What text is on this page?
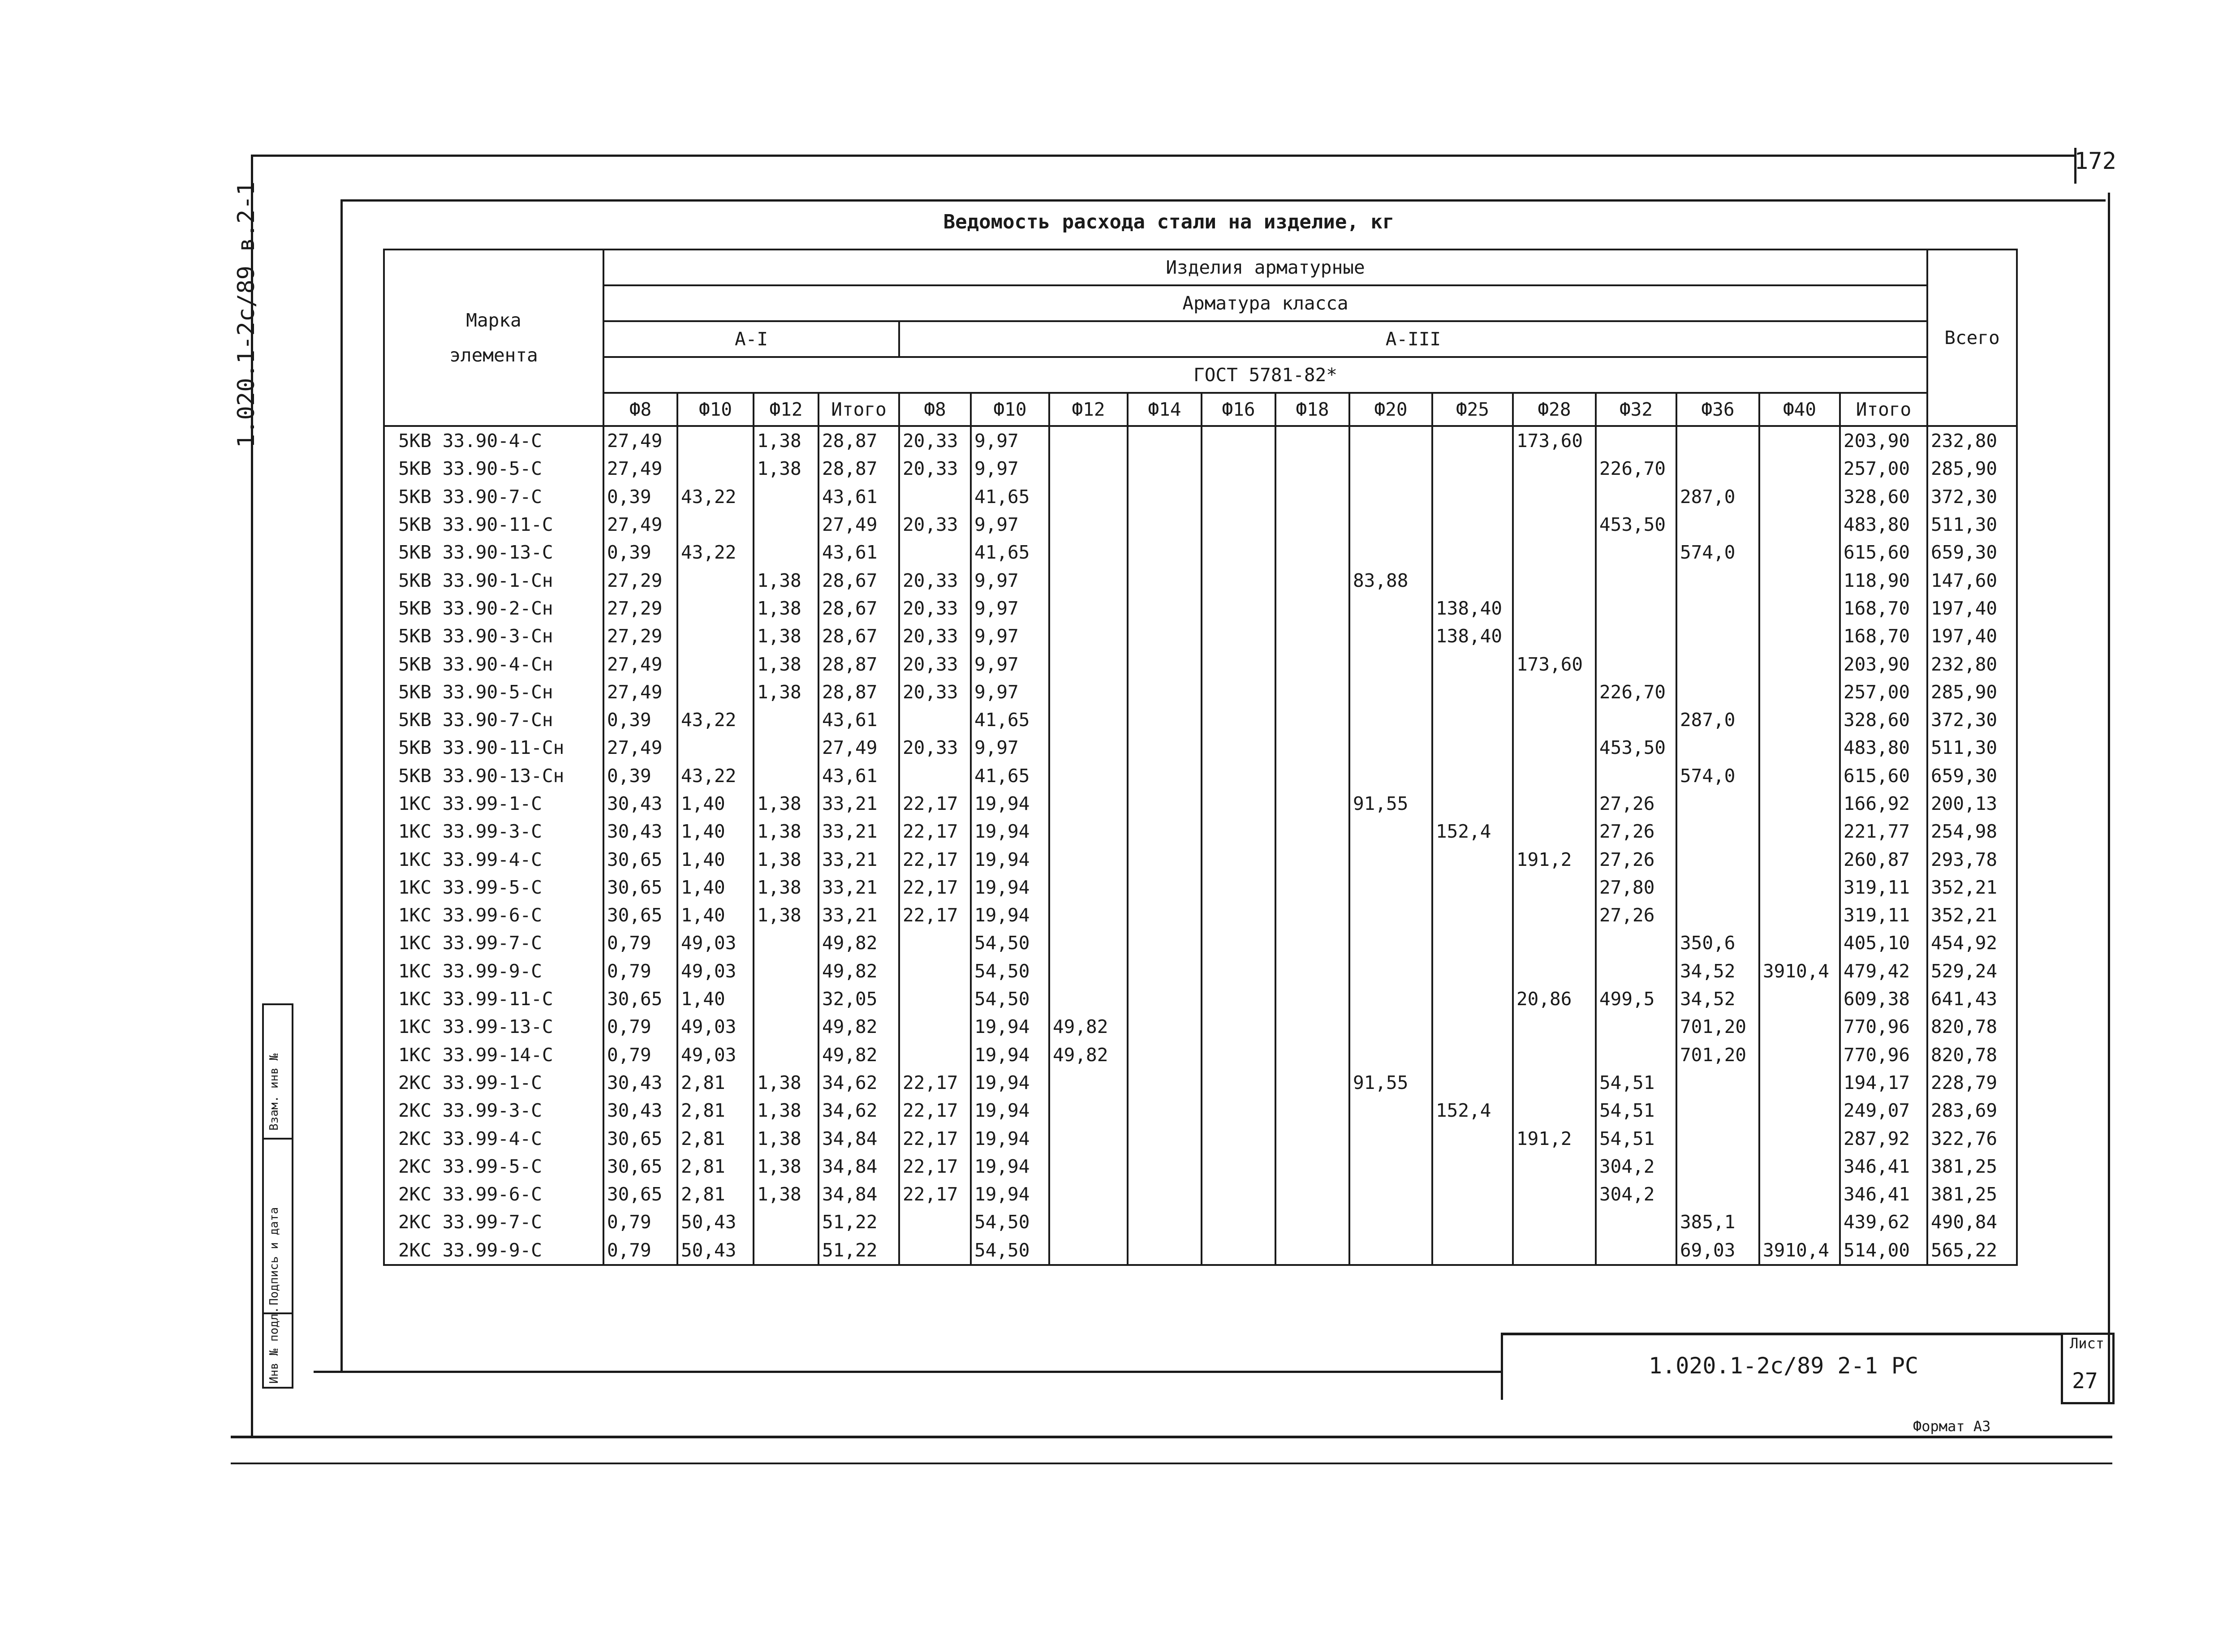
172
1.020.1-2с/89 в.2-1	Ведомость расхода стали на изделие, кг
Марка
элемента	Изделия арматурные																	Всего
	Арматура класса																	
	А-I				А-III													
	ГОСТ 5781-82*																	
	Ф8	Ф10	Ф12	Итого	Ф8	Ф10	Ф12	Ф14	Ф16	Ф18	Ф20	Ф25	Ф28	Ф32	Ф36	Ф40	Итого	
5КВ 33.90-4-С	27,49		1,38	28,87	20,33	9,97							173,60				203,90	232,80
5КВ 33.90-5-С	27,49		1,38	28,87	20,33	9,97								226,70			257,00	285,90
5КВ 33.90-7-С	0,39	43,22		43,61		41,65									287,0		328,60	372,30
5КВ 33.90-11-С	27,49			27,49	20,33	9,97								453,50			483,80	511,30
5КВ 33.90-13-С	0,39	43,22		43,61		41,65									574,0		615,60	659,30
5КВ 33.90-1-Сн	27,29		1,38	28,67	20,33	9,97					83,88						118,90	147,60
5КВ 33.90-2-Сн	27,29		1,38	28,67	20,33	9,97						138,40					168,70	197,40
5КВ 33.90-3-Сн	27,29		1,38	28,67	20,33	9,97						138,40					168,70	197,40
5КВ 33.90-4-Сн	27,49		1,38	28,87	20,33	9,97							173,60				203,90	232,80
5КВ 33.90-5-Сн	27,49		1,38	28,87	20,33	9,97								226,70			257,00	285,90
5КВ 33.90-7-Сн	0,39	43,22		43,61		41,65									287,0		328,60	372,30
5КВ 33.90-11-Сн	27,49			27,49	20,33	9,97								453,50			483,80	511,30
5КВ 33.90-13-Сн	0,39	43,22		43,61		41,65									574,0		615,60	659,30
1КС 33.99-1-С	30,43	1,40	1,38	33,21	22,17	19,94					91,55			27,26			166,92	200,13
1КС 33.99-3-С	30,43	1,40	1,38	33,21	22,17	19,94						152,4		27,26			221,77	254,98
1КС 33.99-4-С	30,65	1,40	1,38	33,21	22,17	19,94							191,2	27,26			260,87	293,78
1КС 33.99-5-С	30,65	1,40	1,38	33,21	22,17	19,94								27,80			319,11	352,21
1КС 33.99-6-С	30,65	1,40	1,38	33,21	22,17	19,94								27,26			319,11	352,21
1КС 33.99-7-С	0,79	49,03		49,82		54,50									350,6		405,10	454,92
1КС 33.99-9-С	0,79	49,03		49,82		54,50									34,52	3910,4	479,42	529,24
1КС 33.99-11-С	30,65	1,40		32,05		54,50							20,86	499,5	34,52		609,38	641,43
1КС 33.99-13-С	0,79	49,03		49,82		19,94	49,82								701,20		770,96	820,78
1КС 33.99-14-С	0,79	49,03		49,82		19,94	49,82								701,20		770,96	820,78
2КС 33.99-1-С	30,43	2,81	1,38	34,62	22,17	19,94					91,55			54,51			194,17	228,79
2КС 33.99-3-С	30,43	2,81	1,38	34,62	22,17	19,94						152,4		54,51			249,07	283,69
2КС 33.99-4-С	30,65	2,81	1,38	34,84	22,17	19,94							191,2	54,51			287,92	322,76
2КС 33.99-5-С	30,65	2,81	1,38	34,84	22,17	19,94								304,2			346,41	381,25
2КС 33.99-6-С	30,65	2,81	1,38	34,84	22,17	19,94								304,2			346,41	381,25
2КС 33.99-7-С	0,79	50,43		51,22		54,50									385,1		439,62	490,84
2КС 33.99-9-С	0,79	50,43		51,22		54,50									69,03	3910,4	514,00	565,22
Взам. инв №
Подпись и дата
Инв № подл.	1.020.1-2с/89 2-1 РС
Лист
27
Формат А3
